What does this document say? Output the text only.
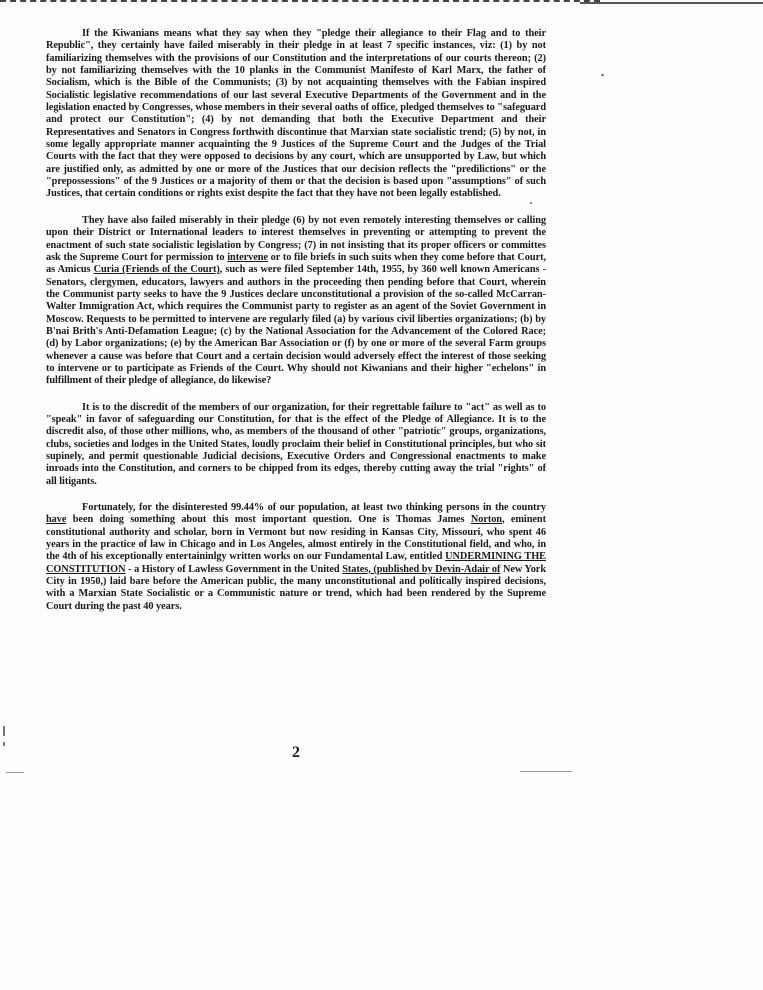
If the Kiwanians means what they say when they "pledge their allegiance to their Flag and to their Republic", they certainly have failed miserably in their pledge in at least 7 specific instances, viz: (1) by not familiarizing themselves with the provisions of our Constitution and the interpretations of our courts thereon; (2) by not familiarizing themselves with the 10 planks in the Communist Manifesto of Karl Marx, the father of Socialism, which is the Bible of the Communists; (3) by not acquainting themselves with the Fabian inspired Socialistic legislative recommendations of our last several Executive Departments of the Government and in the legislation enacted by Congresses, whose members in their several oaths of office, pledged themselves to "safeguard and protect our Constitution"; (4) by not demanding that both the Executive Department and their Representatives and Senators in Congress forthwith discontinue that Marxian state socialistic trend; (5) by not, in some legally appropriate manner acquainting the 9 Justices of the Supreme Court and the Judges of the Trial Courts with the fact that they were opposed to decisions by any court, which are unsupported by Law, but which are justified only, as admitted by one or more of the Justices that our decision reflects the "predilictions" or the "prepossessions" of the 9 Justices or a majority of them or that the decision is based upon "assumptions" of such Justices, that certain conditions or rights exist despite the fact that they have not been legally established.

They have also failed miserably in their pledge (6) by not even remotely interesting themselves or calling upon their District or International leaders to interest themselves in preventing or attempting to prevent the enactment of such state socialistic legislation by Congress; (7) in not insisting that its proper officers or committes ask the Supreme Court for permission to intervene or to file briefs in such suits when they come before that Court, as Amicus Curia (Friends of the Court), such as were filed September 14th, 1955, by 360 well known Americans - Senators, clergymen, educators, lawyers and authors in the proceeding then pending before that Court, wherein the Communist party seeks to have the 9 Justices declare unconstitutional a provision of the so-called McCarran-Walter Immigration Act, which requires the Communist party to register as an agent of the Soviet Government in Moscow. Requests to be permitted to intervene are regularly filed (a) by various civil liberties organizations; (b) by B'nai Brith's Anti-Defamation League; (c) by the National Association for the Advancement of the Colored Race; (d) by Labor organizations; (e) by the American Bar Association or (f) by one or more of the several Farm groups whenever a cause was before that Court and a certain decision would adversely effect the interest of those seeking to intervene or to participate as Friends of the Court. Why should not Kiwanians and their higher "echelons" in fulfillment of their pledge of allegiance, do likewise?

It is to the discredit of the members of our organization, for their regrettable failure to "act" as well as to "speak" in favor of safeguarding our Constitution, for that is the effect of the Pledge of Allegiance. It is to the discredit also, of those other millions, who, as members of the thousand of other "patriotic" groups, organizations, clubs, societies and lodges in the United States, loudly proclaim their belief in Constitutional principles, but who sit supinely, and permit questionable Judicial decisions, Executive Orders and Congressional enactments to make inroads into the Constitution, and corners to be chipped from its edges, thereby cutting away the trial "rights" of all litigants.

Fortunately, for the disinterested 99.44% of our population, at least two thinking persons in the country have been doing something about this most important question. One is Thomas James Norton, eminent constitutional authority and scholar, born in Vermont but now residing in Kansas City, Missouri, who spent 46 years in the practice of law in Chicago and in Los Angeles, almost entirely in the Constitutional field, and who, in the 4th of his exceptionally entertaininlgy written works on our Fundamental Law, entitled UNDERMINING THE CONSTITUTION - a History of Lawless Government in the United States, (published by Devin-Adair of New York City in 1950,) laid bare before the American public, the many unconstitutional and politically inspired decisions, with a Marxian State Socialistic or a Communistic nature or trend, which had been rendered by the Supreme Court during the past 40 years.

2
